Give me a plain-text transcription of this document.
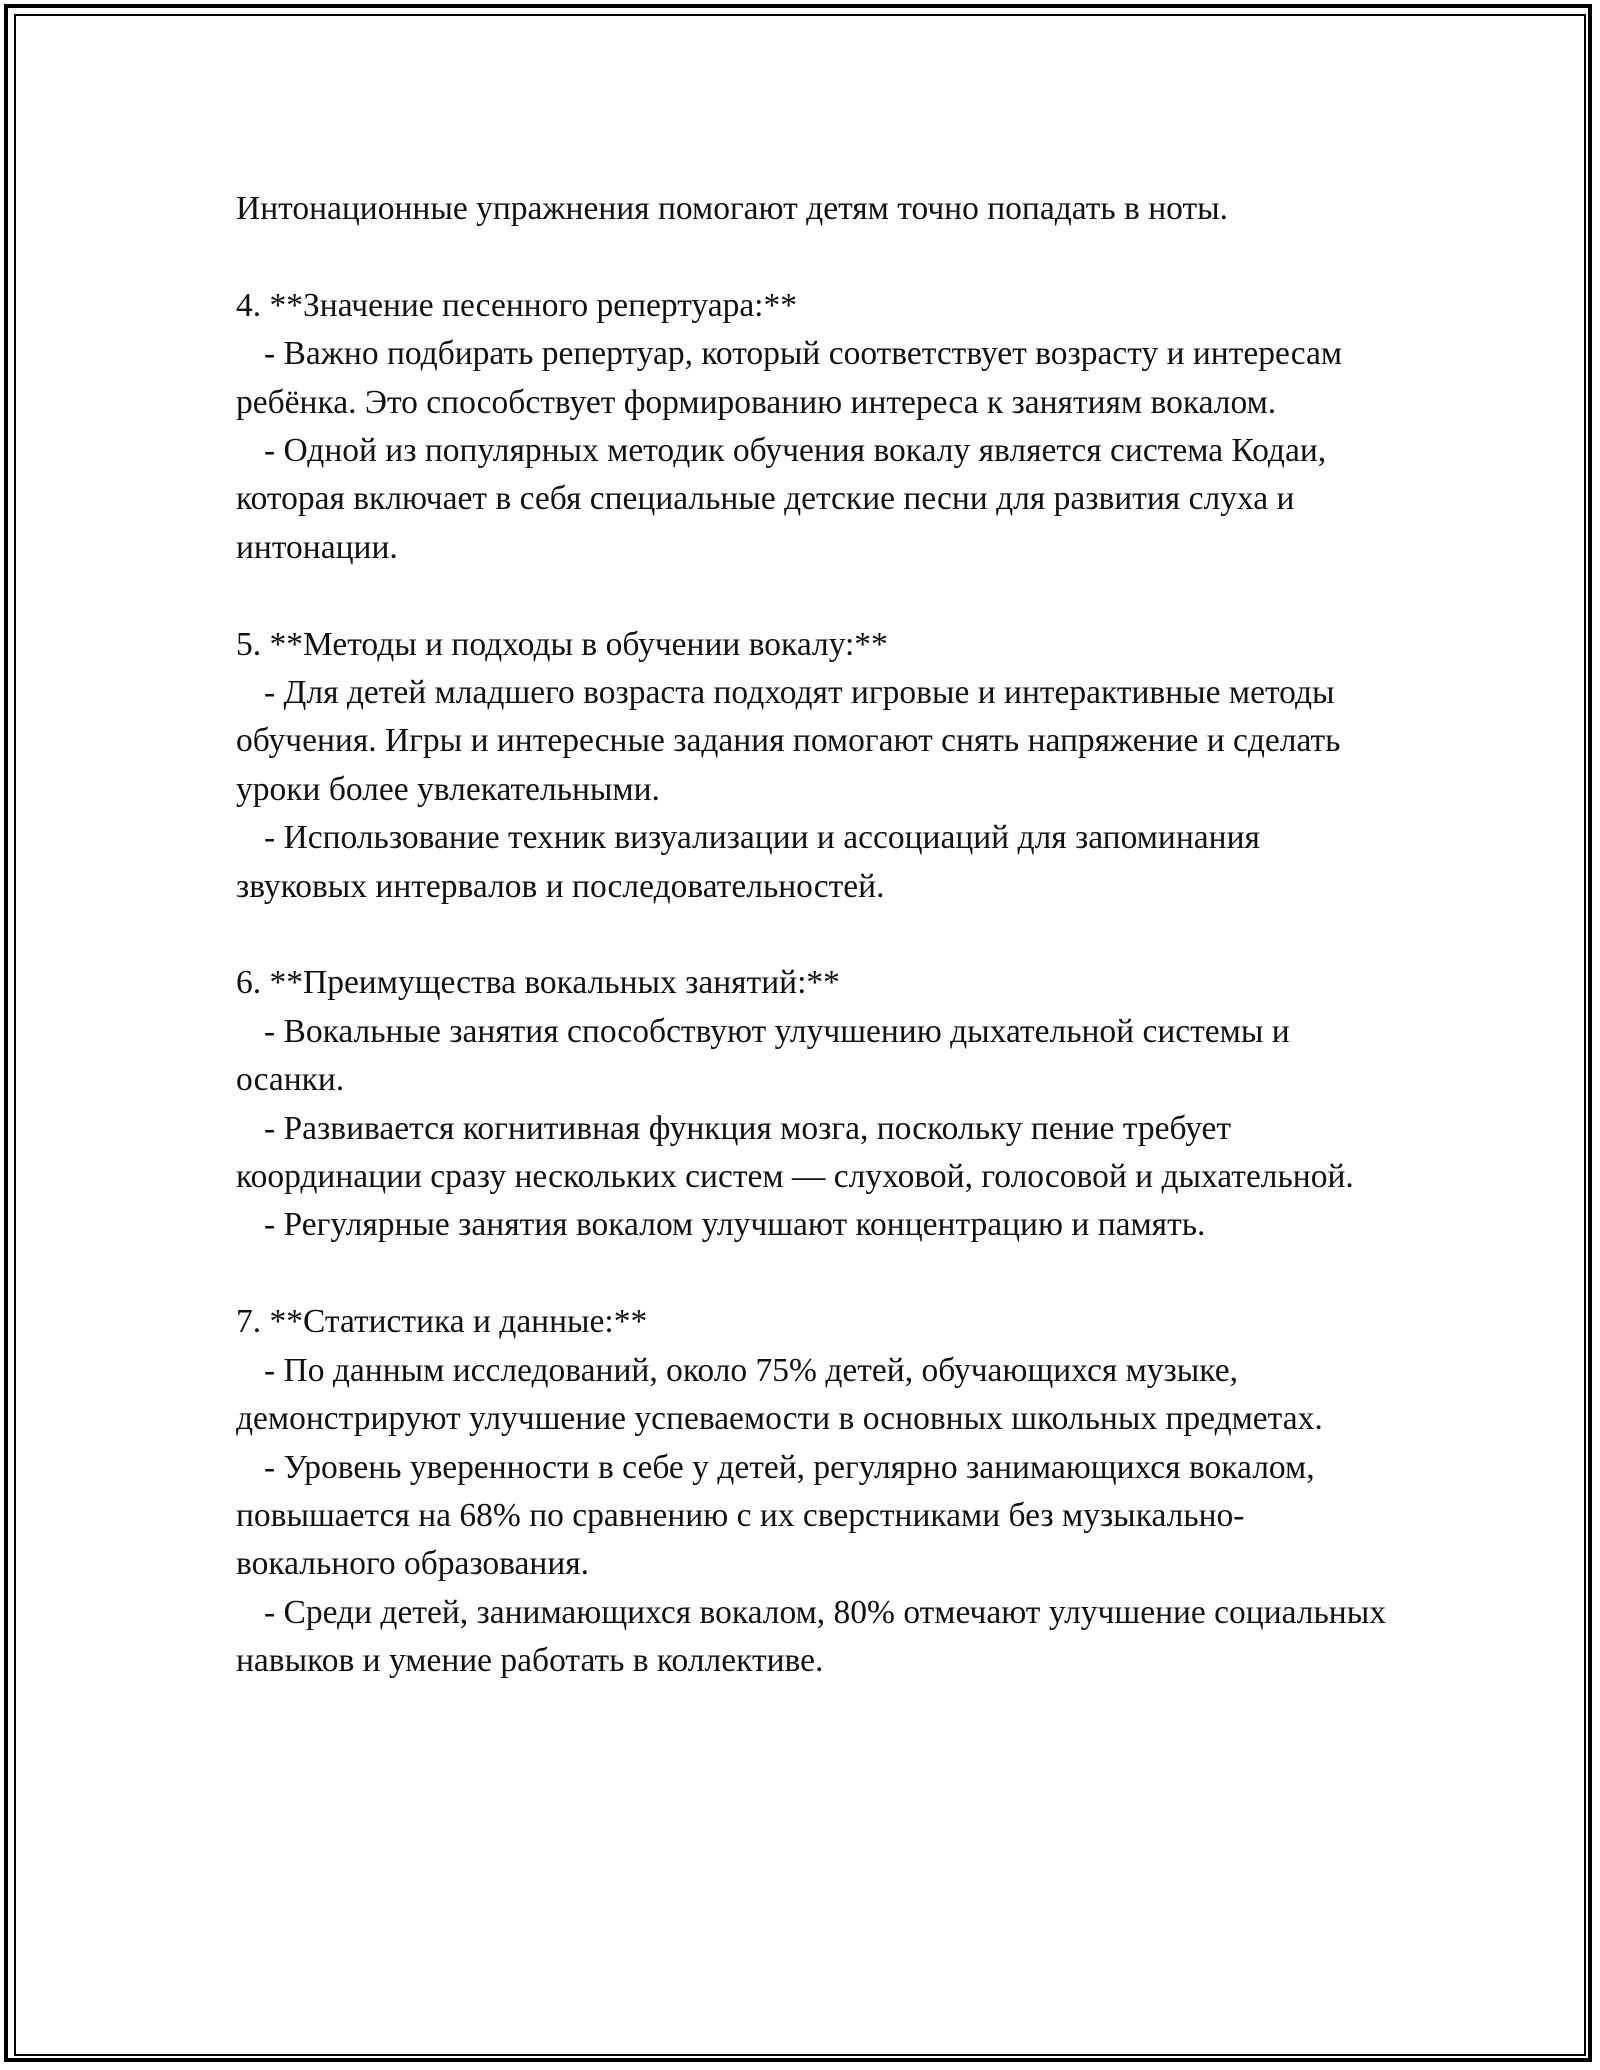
Интонационные упражнения помогают детям точно попадать в ноты.

4. **Значение песенного репертуара:**

- Важно подбирать репертуар, который соответствует возрасту и интересам ребёнка. Это способствует формированию интереса к занятиям вокалом.

- Одной из популярных методик обучения вокалу является система Кодаи, которая включает в себя специальные детские песни для развития слуха и интонации.

5. **Методы и подходы в обучении вокалу:**

- Для детей младшего возраста подходят игровые и интерактивные методы обучения. Игры и интересные задания помогают снять напряжение и сделать уроки более увлекательными.

- Использование техник визуализации и ассоциаций для запоминания звуковых интервалов и последовательностей.

6. **Преимущества вокальных занятий:**

- Вокальные занятия способствуют улучшению дыхательной системы и осанки.

- Развивается когнитивная функция мозга, поскольку пение требует координации сразу нескольких систем — слуховой, голосовой и дыхательной.

- Регулярные занятия вокалом улучшают концентрацию и память.

7. **Статистика и данные:**

- По данным исследований, около 75% детей, обучающихся музыке, демонстрируют улучшение успеваемости в основных школьных предметах.

- Уровень уверенности в себе у детей, регулярно занимающихся вокалом, повышается на 68% по сравнению с их сверстниками без музыкально-вокального образования.

- Среди детей, занимающихся вокалом, 80% отмечают улучшение социальных навыков и умение работать в коллективе.
